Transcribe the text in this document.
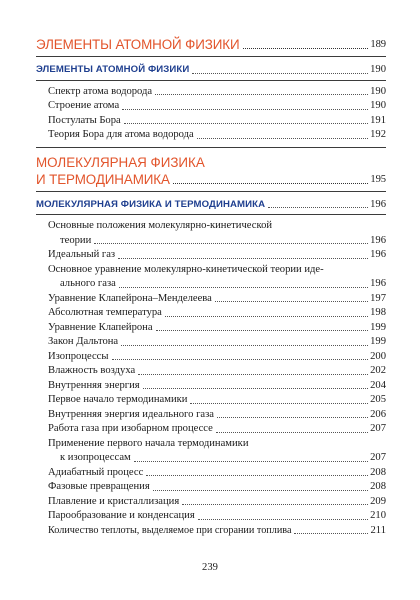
ЭЛЕМЕНТЫ АТОМНОЙ ФИЗИКИ	189
ЭЛЕМЕНТЫ АТОМНОЙ ФИЗИКИ	190
Спектр атома водорода	190
Строение атома	190
Постулаты Бора	191
Теория Бора для атома водорода	192
МОЛЕКУЛЯРНАЯ ФИЗИКА
И ТЕРМОДИНАМИКА	195
МОЛЕКУЛЯРНАЯ ФИЗИКА И ТЕРМОДИНАМИКА	196
Основные положения молекулярно-кинетической
теории	196
Идеальный газ	196
Основное уравнение молекулярно-кинетической теории иде-
ального газа	196
Уравнение Клапейрона–Менделеева	197
Абсолютная температура	198
Уравнение Клапейрона	199
Закон Дальтона	199
Изопроцессы	200
Влажность воздуха	202
Внутренняя энергия	204
Первое начало термодинамики	205
Внутренняя энергия идеального газа	206
Работа газа при изобарном процессе	207
Применение первого начала термодинамики
к изопроцессам	207
Адиабатный процесс	208
Фазовые превращения	208
Плавление и кристаллизация	209
Парообразование и конденсация	210
Количество теплоты, выделяемое при сгорании топлива	211
239
